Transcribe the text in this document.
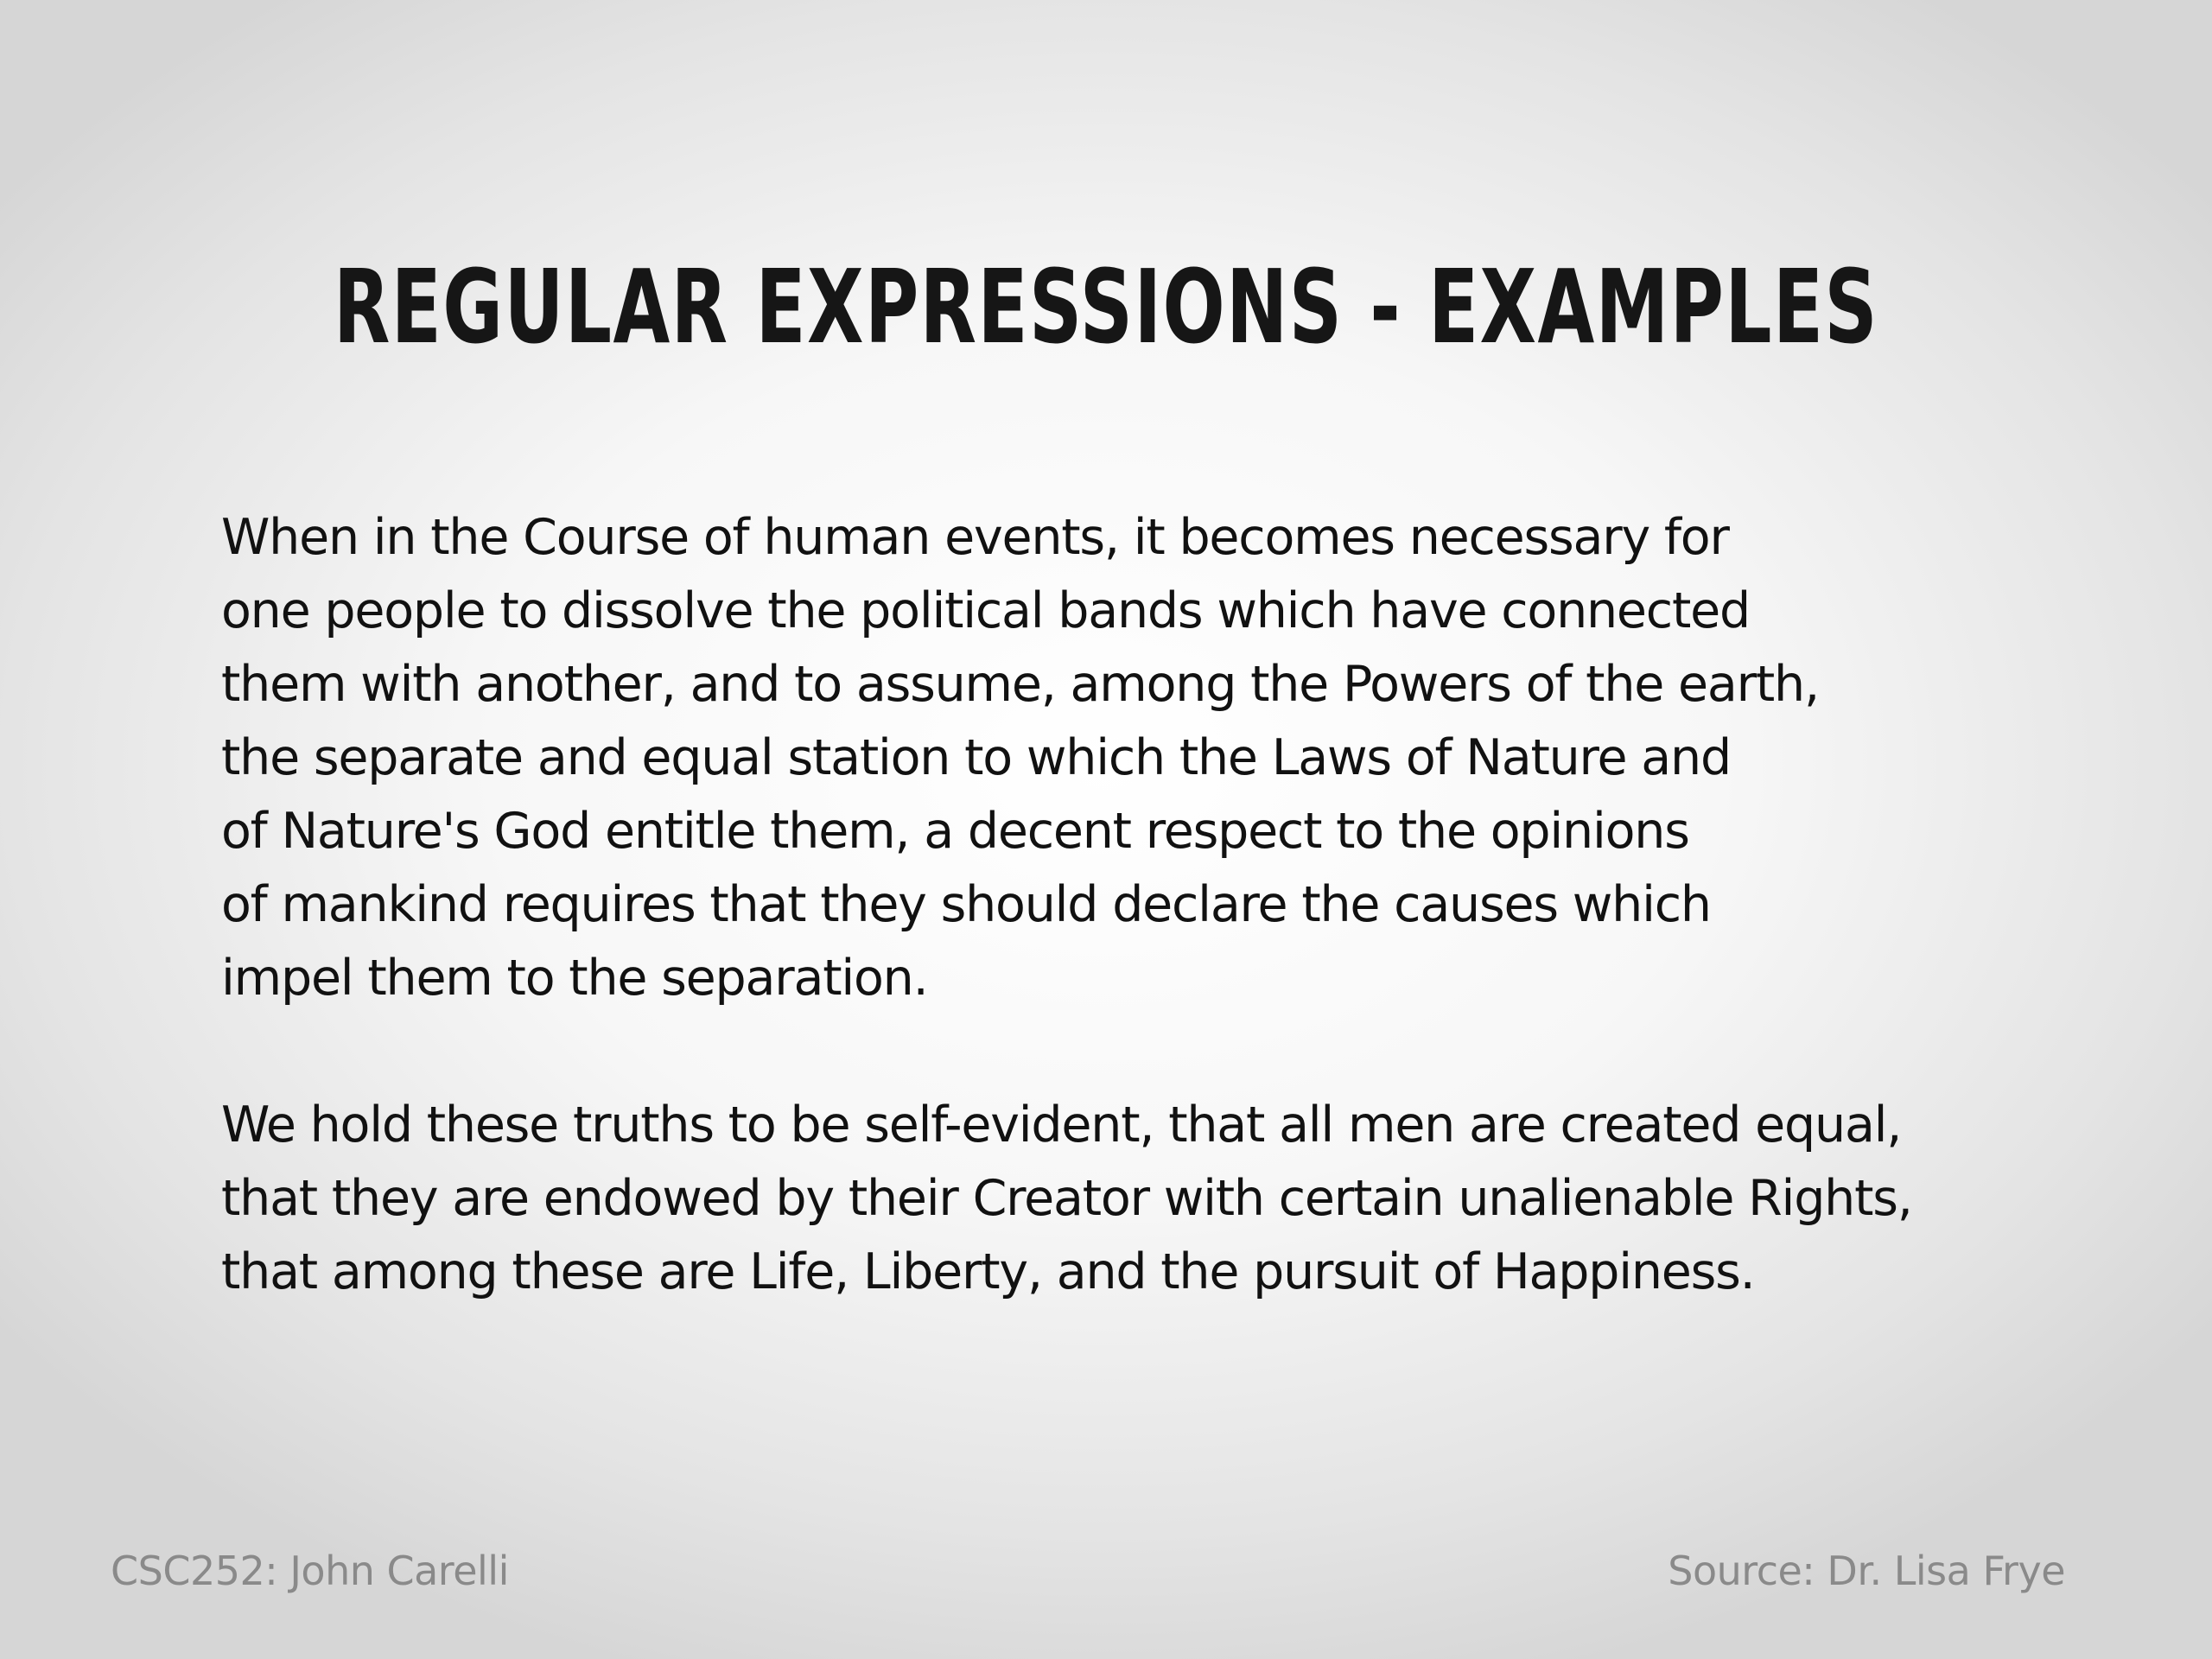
REGULAR EXPRESSIONS - EXAMPLES

When in the Course of human events, it becomes necessary for
one people to dissolve the political bands which have connected
them with another, and to assume, among the Powers of the earth,
the separate and equal station to which the Laws of Nature and
of Nature's God entitle them, a decent respect to the opinions
of mankind requires that they should declare the causes which
impel them to the separation.

We hold these truths to be self-evident, that all men are created equal,
that they are endowed by their Creator with certain unalienable Rights,
that among these are Life, Liberty, and the pursuit of Happiness.

CSC252: John Carelli	Source: Dr. Lisa Frye
